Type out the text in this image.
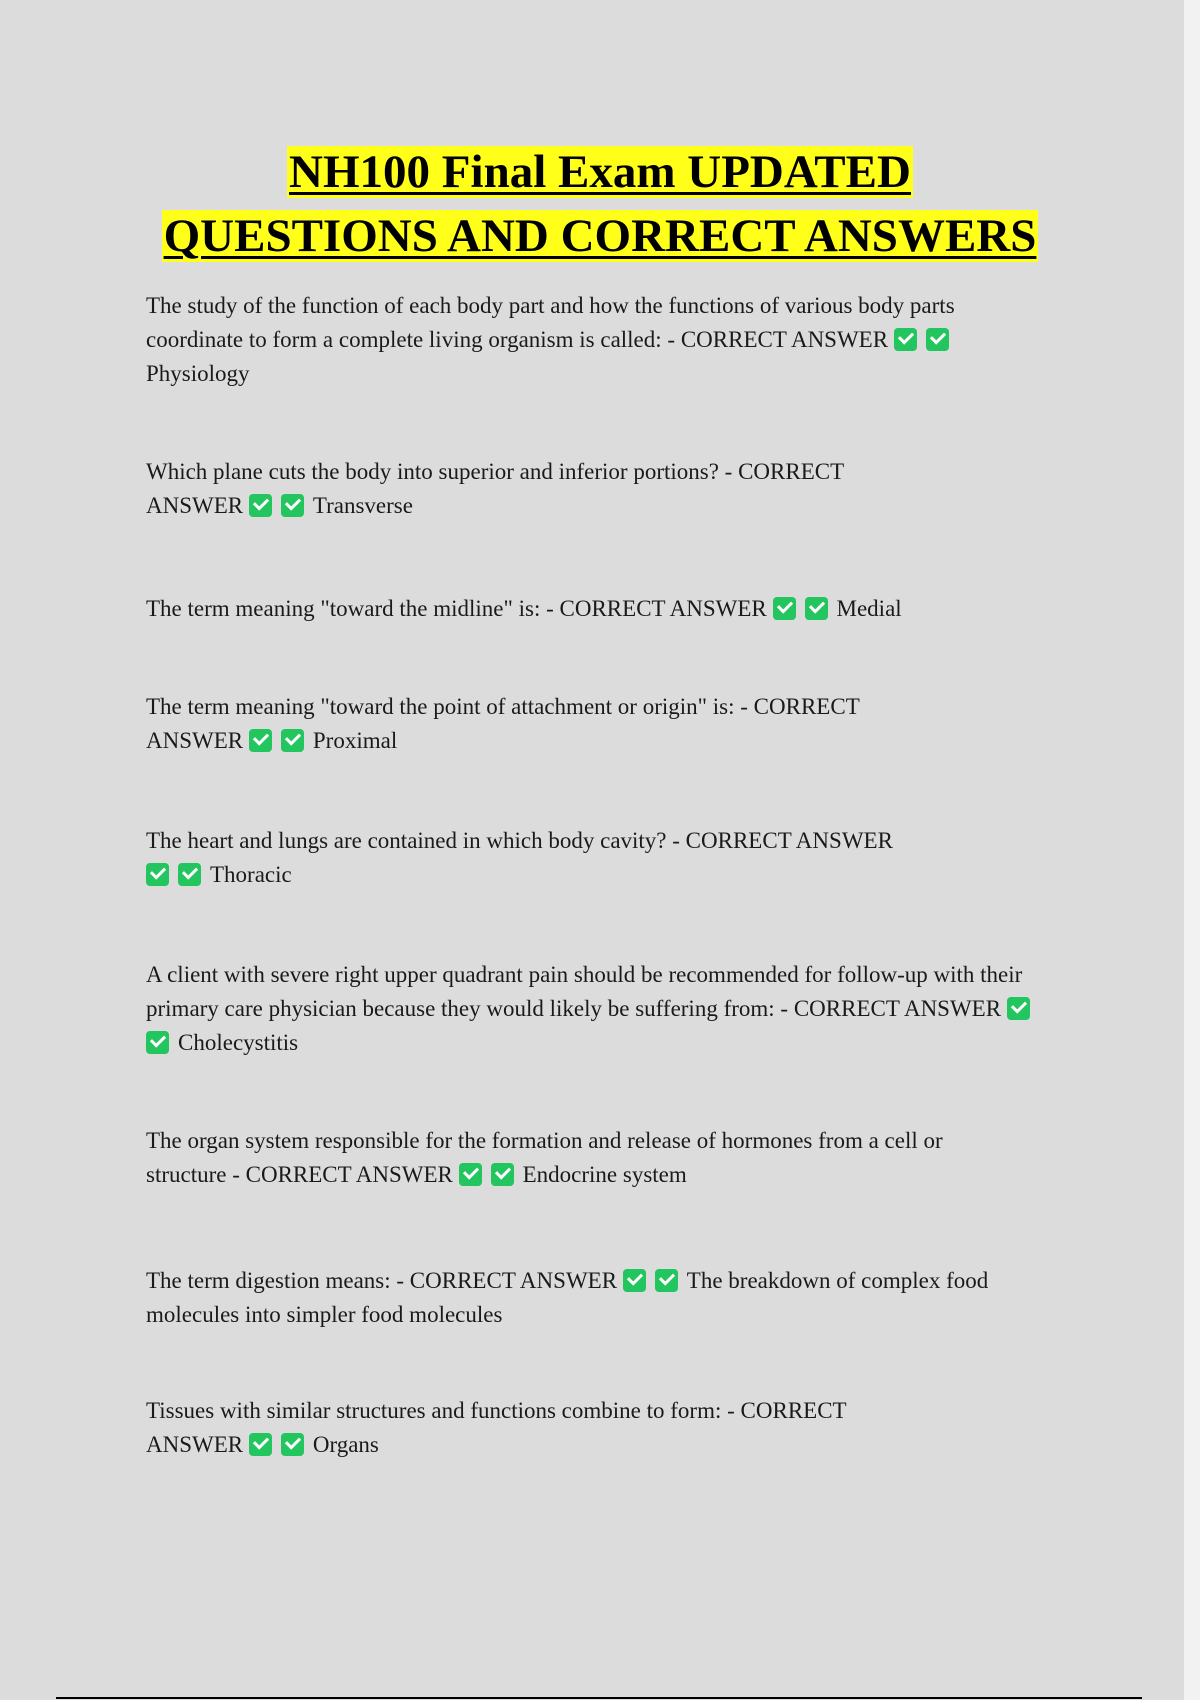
NH100 Final Exam UPDATED
QUESTIONS AND CORRECT ANSWERS

The study of the function of each body part and how the functions of various body parts coordinate to form a complete living organism is called: - CORRECT ANSWER Physiology

Which plane cuts the body into superior and inferior portions? - CORRECT ANSWER	Transverse

The term meaning "toward the midline" is: - CORRECT ANSWER	Medial

The term meaning "toward the point of attachment or origin" is: - CORRECT ANSWER	Proximal

The heart and lungs are contained in which body cavity? - CORRECT ANSWER Thoracic

A client with severe right upper quadrant pain should be recommended for follow-up with their primary care physician because they would likely be suffering from: - CORRECT ANSWER Cholecystitis

The organ system responsible for the formation and release of hormones from a cell or structure - CORRECT ANSWER	Endocrine system

The term digestion means: - CORRECT ANSWER	The breakdown of complex food molecules into simpler food molecules

Tissues with similar structures and functions combine to form: - CORRECT ANSWER	Organs
